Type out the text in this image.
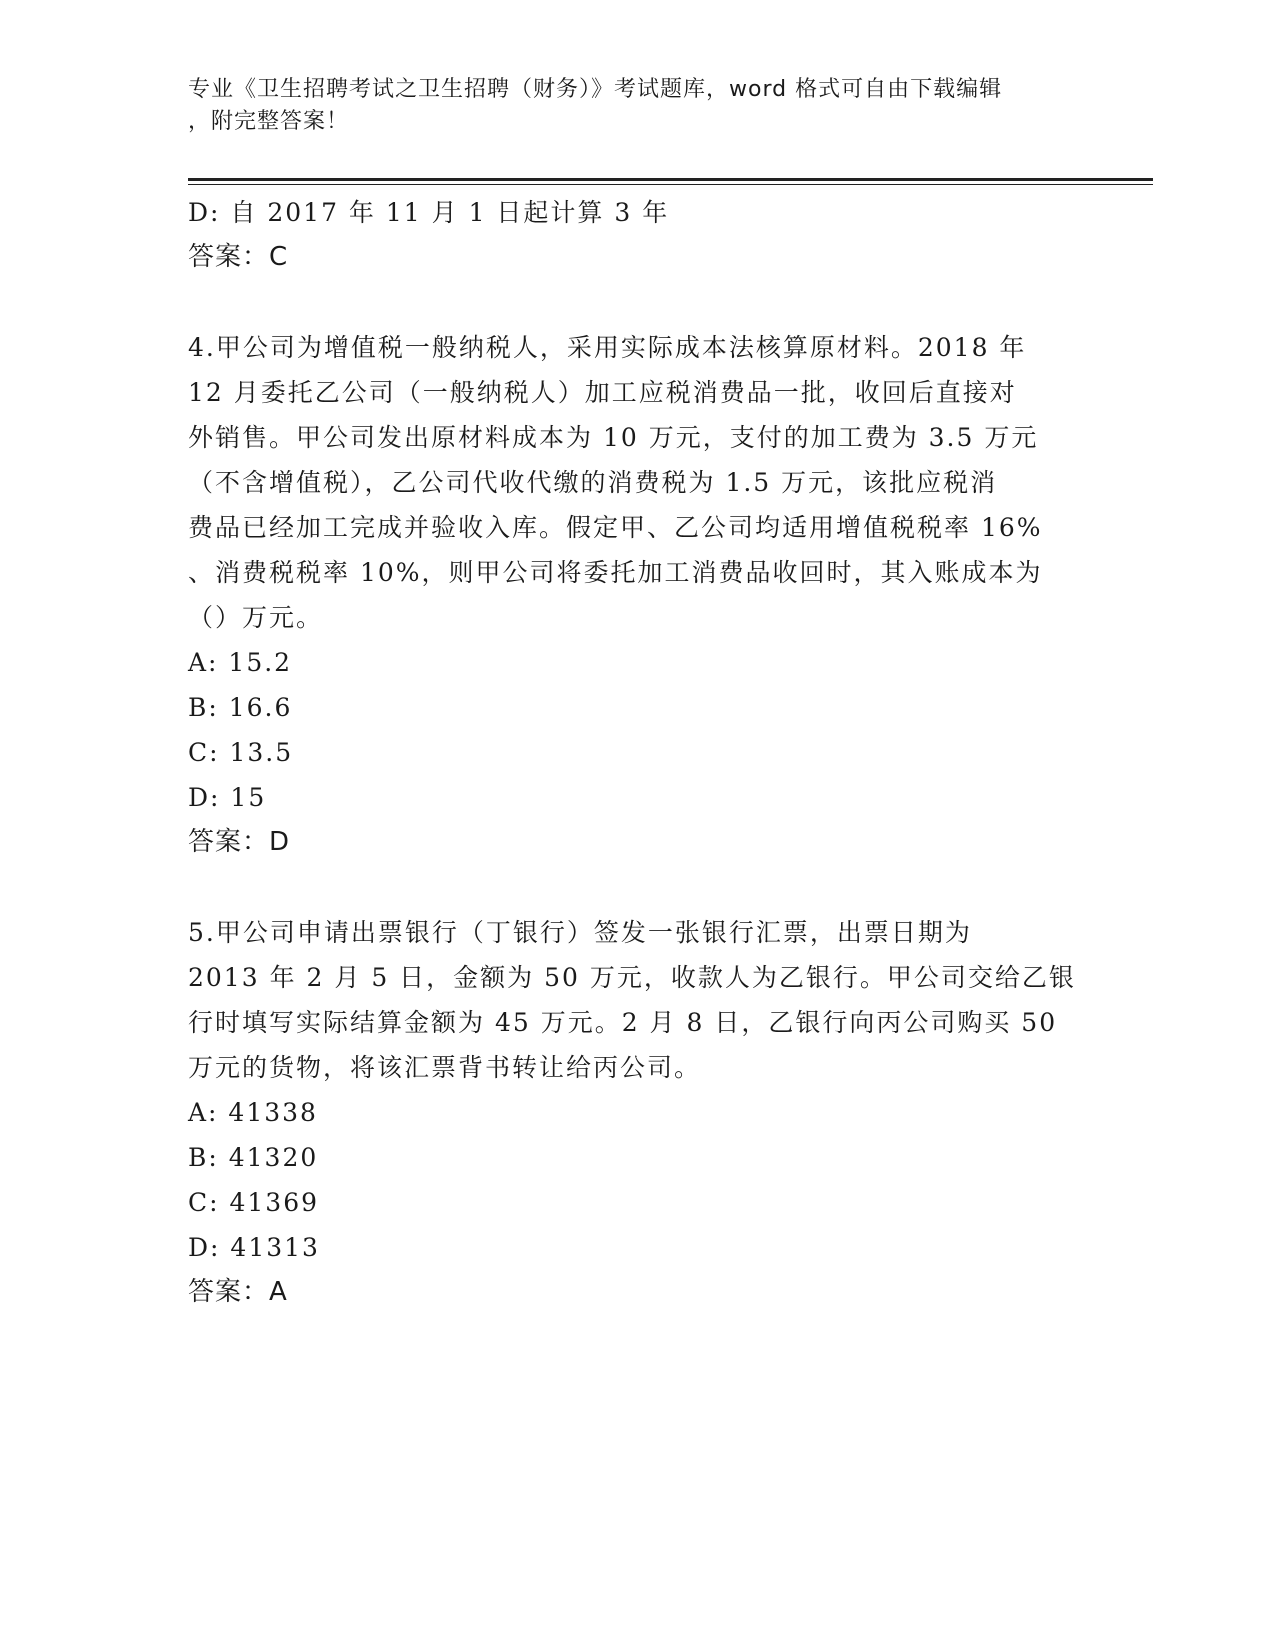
专业《卫生招聘考试之卫生招聘（财务）》考试题库，word 格式可自由下载编辑
，附完整答案！

D: 自 2017 年 11 月 1 日起计算 3 年

答案：C

4.甲公司为增值税一般纳税人，采用实际成本法核算原材料。2018 年
12 月委托乙公司（一般纳税人）加工应税消费品一批，收回后直接对
外销售。甲公司发出原材料成本为 10 万元，支付的加工费为 3.5 万元
（不含增值税），乙公司代收代缴的消费税为 1.5 万元，该批应税消
费品已经加工完成并验收入库。假定甲、乙公司均适用增值税税率 16%
、消费税税率 10%，则甲公司将委托加工消费品收回时，其入账成本为
（）万元。

A: 15.2

B: 16.6

C: 13.5

D: 15

答案：D

5.甲公司申请出票银行（丁银行）签发一张银行汇票，出票日期为
2013 年 2 月 5 日，金额为 50 万元，收款人为乙银行。甲公司交给乙银
行时填写实际结算金额为 45 万元。2 月 8 日，乙银行向丙公司购买 50
万元的货物，将该汇票背书转让给丙公司。

A: 41338

B: 41320

C: 41369

D: 41313

答案：A
